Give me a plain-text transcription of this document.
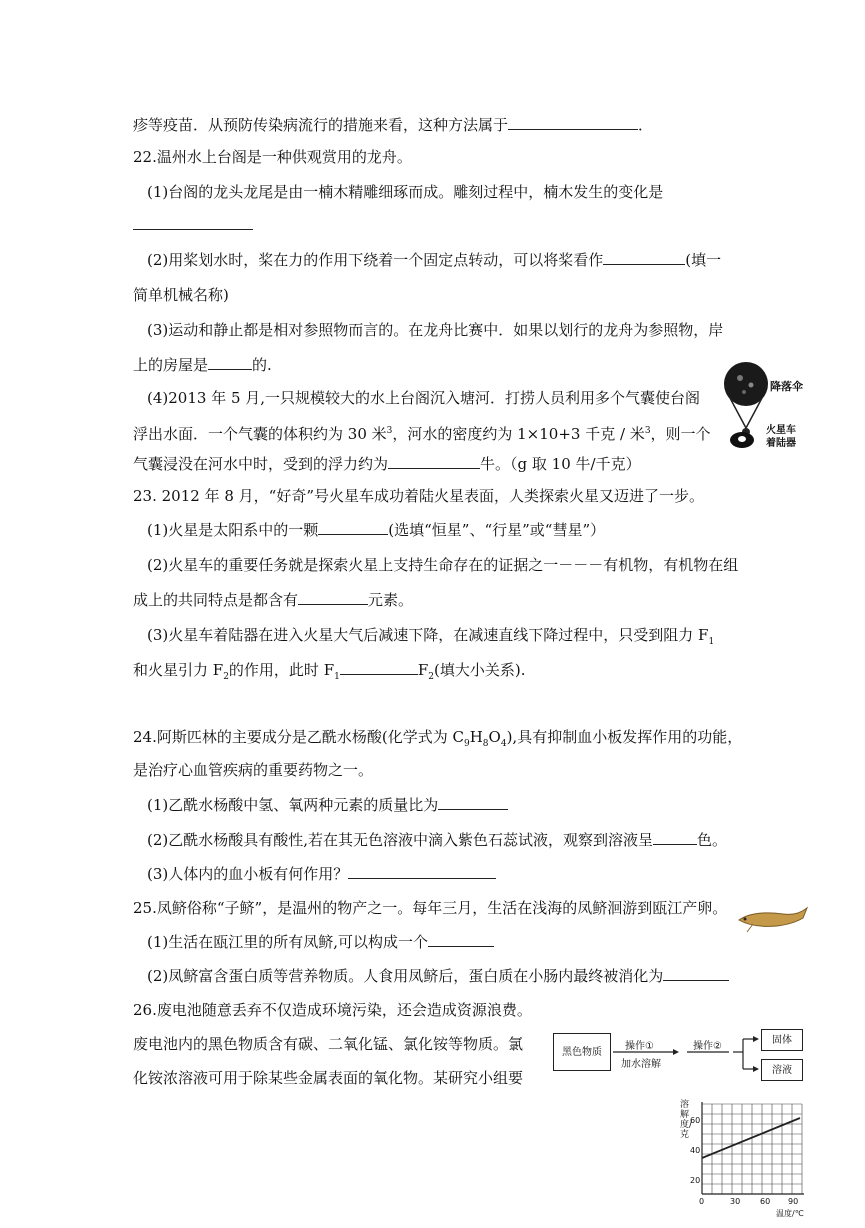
疹等疫苗．从预防传染病流行的措施来看，这种方法属于	．
22.温州水上台阁是一种供观赏用的龙舟。
(1)台阁的龙头龙尾是由一楠木精雕细琢而成。雕刻过程中，楠木发生的变化是
(2)用桨划水时，桨在力的作用下绕着一个固定点转动，可以将桨看作	(填一
简单机械名称)
(3)运动和静止都是相对参照物而言的。在龙舟比赛中．如果以划行的龙舟为参照物，岸
上的房屋是	的.
(4)2013 年 5 月,一只规模较大的水上台阁沉入塘河．打捞人员利用多个气囊使台阁
浮出水面．一个气囊的体积约为 30 米$^3$，河水的密度约为 1×10+3 千克 / 米$^3$，则一个
气囊浸没在河水中时，受到的浮力约为	牛。（g 取 10 牛/千克）
23. 2012 年 8 月，“好奇”号火星车成功着陆火星表面，人类探索火星又迈进了一步。
(1)火星是太阳系中的一颗	(选填“恒星”、“行星”或“彗星”）
(2)火星车的重要任务就是探索火星上支持生命存在的证据之一－－－有机物，有机物在组
成上的共同特点是都含有	元素。
(3)火星车着陆器在进入火星大气后减速下降，在减速直线下降过程中，只受到阻力 $F_1$
和火星引力 $F_2$的作用，此时 $F_1$	$F_2$(填大小关系).
24.阿斯匹林的主要成分是乙酰水杨酸(化学式为 $C_9H_8O_4$),具有抑制血小板发挥作用的功能，
是治疗心血管疾病的重要药物之一。
(1)乙酰水杨酸中氢、氧两种元素的质量比为
(2)乙酰水杨酸具有酸性,若在其无色溶液中滴入紫色石蕊试液，观察到溶液呈	色。
(3)人体内的血小板有何作用？
25.凤鲚俗称“子鲚”，是温州的物产之一。每年三月，生活在浅海的凤鲚洄游到瓯江产卵。
(1)生活在瓯江里的所有凤鲚,可以构成一个
(2)凤鲚富含蛋白质等营养物质。人食用凤鲚后，蛋白质在小肠内最终被消化为
26.废电池随意丢弃不仅造成环境污染，还会造成资源浪费。
废电池内的黑色物质含有碳、二氧化锰、氯化铵等物质。氯
化铵浓溶液可用于除某些金属表面的氧化物。某研究小组要
降落伞
火星车着陆器
黑色物质	操作①
加水溶解
操作②
固体
溶液
溶解度/克
60
40
20
0	30 60 90
温度/℃
